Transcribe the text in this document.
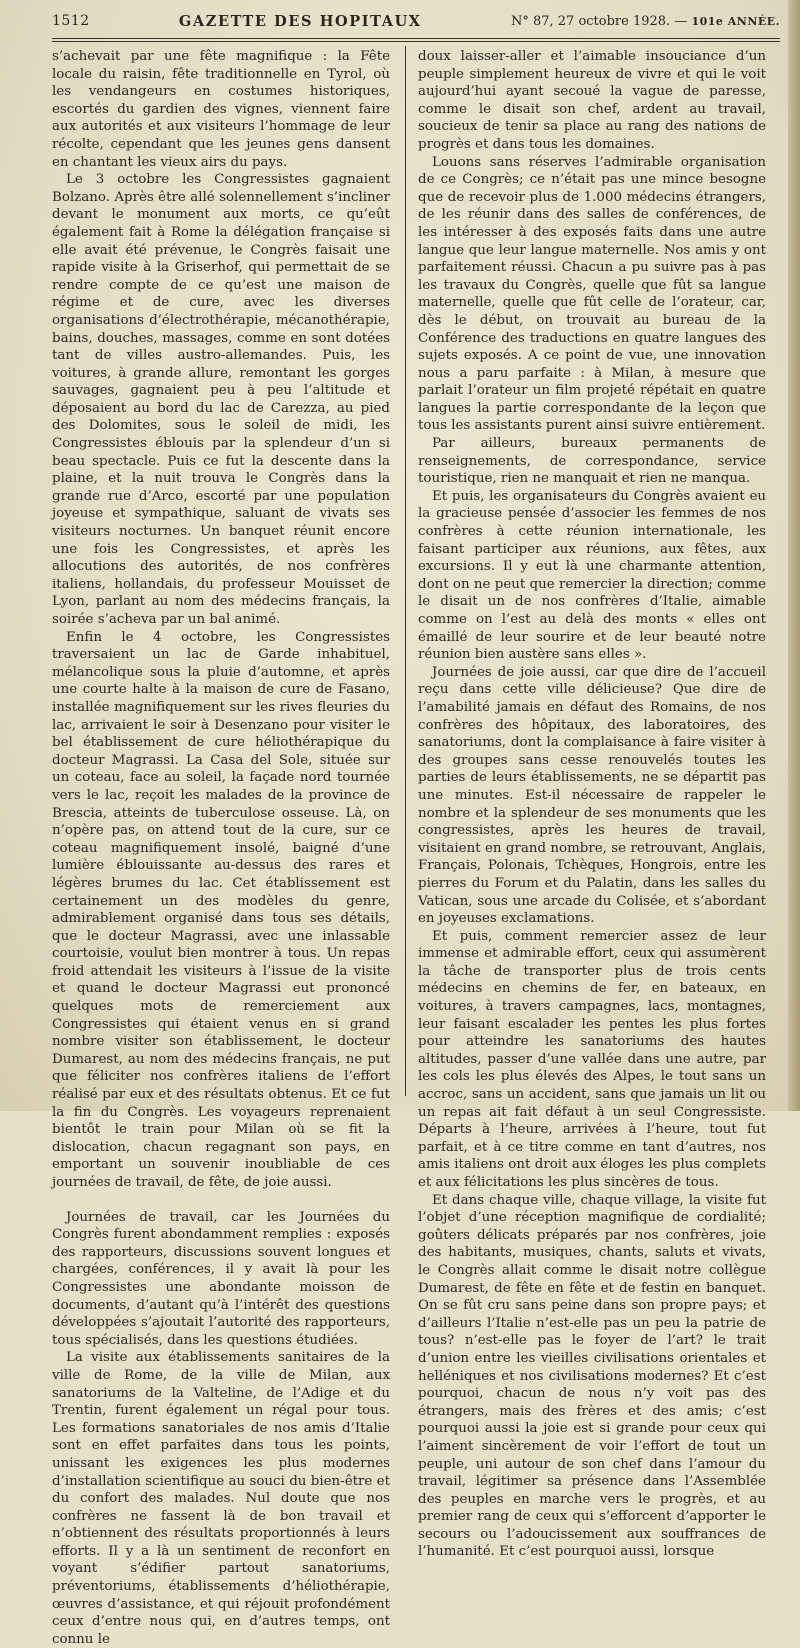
1512	GAZETTE DES HOPITAUX	N° 87, 27 octobre 1928. — 101e ANNÉE.

s’achevait par une fête magnifique : la Fête locale du raisin, fête traditionnelle en Tyrol, où les vendangeurs en costumes historiques, escortés du gardien des vignes, viennent faire aux autorités et aux visiteurs l’hommage de leur récolte, cependant que les jeunes gens dansent en chantant les vieux airs du pays.

Le 3 octobre les Congressistes gagnaient Bolzano. Après être allé solennellement s’incliner devant le monument aux morts, ce qu’eût également fait à Rome la délégation française si elle avait été prévenue, le Congrès faisait une rapide visite à la Griserhof, qui permettait de se rendre compte de ce qu’est une maison de régime et de cure, avec les diverses organisations d’électrothérapie, mécanothérapie, bains, douches, massages, comme en sont dotées tant de villes austro-allemandes. Puis, les voitures, à grande allure, remontant les gorges sauvages, gagnaient peu à peu l’altitude et déposaient au bord du lac de Carezza, au pied des Dolomites, sous le soleil de midi, les Congressistes éblouis par la splendeur d’un si beau spectacle. Puis ce fut la descente dans la plaine, et la nuit trouva le Congrès dans la grande rue d’Arco, escorté par une population joyeuse et sympathique, saluant de vivats ses visiteurs nocturnes. Un banquet réunit encore une fois les Congressistes, et après les allocutions des autorités, de nos confrères italiens, hollandais, du professeur Mouisset de Lyon, parlant au nom des médecins français, la soirée s’acheva par un bal animé.

Enfin le 4 octobre, les Congressistes traversaient un lac de Garde inhabituel, mélancolique sous la pluie d’automne, et après une courte halte à la maison de cure de Fasano, installée magnifiquement sur les rives fleuries du lac, arrivaient le soir à Desenzano pour visiter le bel établissement de cure héliothérapique du docteur Magrassi. La Casa del Sole, située sur un coteau, face au soleil, la façade nord tournée vers le lac, reçoit les malades de la province de Brescia, atteints de tuberculose osseuse. Là, on n’opère pas, on attend tout de la cure, sur ce coteau magnifiquement insolé, baigné d’une lumière éblouissante au-dessus des rares et légères brumes du lac. Cet établissement est certainement un des modèles du genre, admirablement organisé dans tous ses détails, que le docteur Magrassi, avec une inlassable courtoisie, voulut bien montrer à tous. Un repas froid attendait les visiteurs à l’issue de la visite et quand le docteur Magrassi eut prononcé quelques mots de remerciement aux Congressistes qui étaient venus en si grand nombre visiter son établissement, le docteur Dumarest, au nom des médecins français, ne put que féliciter nos confrères italiens de l’effort réalisé par eux et des résultats obtenus. Et ce fut la fin du Congrès. Les voyageurs reprenaient bientôt le train pour Milan où se fit la dislocation, chacun regagnant son pays, en emportant un souvenir inoubliable de ces journées de travail, de fête, de joie aussi.

Journées de travail, car les Journées du Congrès furent abondamment remplies : exposés des rapporteurs, discussions souvent longues et chargées, conférences, il y avait là pour les Congressistes une abondante moisson de documents, d’autant qu’à l’intérêt des questions développées s’ajoutait l’autorité des rapporteurs, tous spécialisés, dans les questions étudiées.

La visite aux établissements sanitaires de la ville de Rome, de la ville de Milan, aux sanatoriums de la Valteline, de l’Adige et du Trentin, furent également un régal pour tous. Les formations sanatoriales de nos amis d’Italie sont en effet parfaites dans tous les points, unissant les exigences les plus modernes d’installation scientifique au souci du bien-être et du confort des malades. Nul doute que nos confrères ne fassent là de bon travail et n’obtiennent des résultats proportionnés à leurs efforts. Il y a là un sentiment de reconfort en voyant s’édifier partout sanatoriums, préventoriums, établissements d’héliothérapie, œuvres d’assistance, et qui réjouit profondément ceux d’entre nous qui, en d’autres temps, ont connu le

doux laisser-aller et l’aimable insouciance d’un peuple simplement heureux de vivre et qui le voit aujourd’hui ayant secoué la vague de paresse, comme le disait son chef, ardent au travail, soucieux de tenir sa place au rang des nations de progrès et dans tous les domaines.

Louons sans réserves l’admirable organisation de ce Congrès; ce n’était pas une mince besogne que de recevoir plus de 1.000 médecins étrangers, de les réunir dans des salles de conférences, de les intéresser à des exposés faits dans une autre langue que leur langue maternelle. Nos amis y ont parfaitement réussi. Chacun a pu suivre pas à pas les travaux du Congrès, quelle que fût sa langue maternelle, quelle que fût celle de l’orateur, car, dès le début, on trouvait au bureau de la Conférence des traductions en quatre langues des sujets exposés. A ce point de vue, une innovation nous a paru parfaite : à Milan, à mesure que parlait l’orateur un film projeté répétait en quatre langues la partie correspondante de la leçon que tous les assistants purent ainsi suivre entièrement.

Par ailleurs, bureaux permanents de renseignements, de correspondance, service touristique, rien ne manquait et rien ne manqua.

Et puis, les organisateurs du Congrès avaient eu la gracieuse pensée d’associer les femmes de nos confrères à cette réunion internationale, les faisant participer aux réunions, aux fêtes, aux excursions. Il y eut là une charmante attention, dont on ne peut que remercier la direction; comme le disait un de nos confrères d’Italie, aimable comme on l’est au delà des monts « elles ont émaillé de leur sourire et de leur beauté notre réunion bien austère sans elles ».

Journées de joie aussi, car que dire de l’accueil reçu dans cette ville délicieuse? Que dire de l’amabilité jamais en défaut des Romains, de nos confrères des hôpitaux, des laboratoires, des sanatoriums, dont la complaisance à faire visiter à des groupes sans cesse renouvelés toutes les parties de leurs établissements, ne se départit pas une minutes. Est-il nécessaire de rappeler le nombre et la splendeur de ses monuments que les congressistes, après les heures de travail, visitaient en grand nombre, se retrouvant, Anglais, Français, Polonais, Tchèques, Hongrois, entre les pierres du Forum et du Palatin, dans les salles du Vatican, sous une arcade du Colisée, et s’abordant en joyeuses exclamations.

Et puis, comment remercier assez de leur immense et admirable effort, ceux qui assumèrent la tâche de transporter plus de trois cents médecins en chemins de fer, en bateaux, en voitures, à travers campagnes, lacs, montagnes, leur faisant escalader les pentes les plus fortes pour atteindre les sanatoriums des hautes altitudes, passer d’une vallée dans une autre, par les cols les plus élevés des Alpes, le tout sans un accroc, sans un accident, sans que jamais un lit ou un repas ait fait défaut à un seul Congressiste. Départs à l’heure, arrivées à l’heure, tout fut parfait, et à ce titre comme en tant d’autres, nos amis italiens ont droit aux éloges les plus complets et aux félicitations les plus sincères de tous.

Et dans chaque ville, chaque village, la visite fut l’objet d’une réception magnifique de cordialité; goûters délicats préparés par nos confrères, joie des habitants, musiques, chants, saluts et vivats, le Congrès allait comme le disait notre collègue Dumarest, de fête en fête et de festin en banquet. On se fût cru sans peine dans son propre pays; et d’ailleurs l’Italie n’est-elle pas un peu la patrie de tous? n’est-elle pas le foyer de l’art? le trait d’union entre les vieilles civilisations orientales et helléniques et nos civilisations modernes? Et c’est pourquoi, chacun de nous n’y voit pas des étrangers, mais des frères et des amis; c’est pourquoi aussi la joie est si grande pour ceux qui l’aiment sincèrement de voir l’effort de tout un peuple, uni autour de son chef dans l’amour du travail, légitimer sa présence dans l’Assemblée des peuples en marche vers le progrès, et au premier rang de ceux qui s’efforcent d’apporter le secours ou l’adoucissement aux souffrances de l’humanité. Et c’est pourquoi aussi, lorsque
